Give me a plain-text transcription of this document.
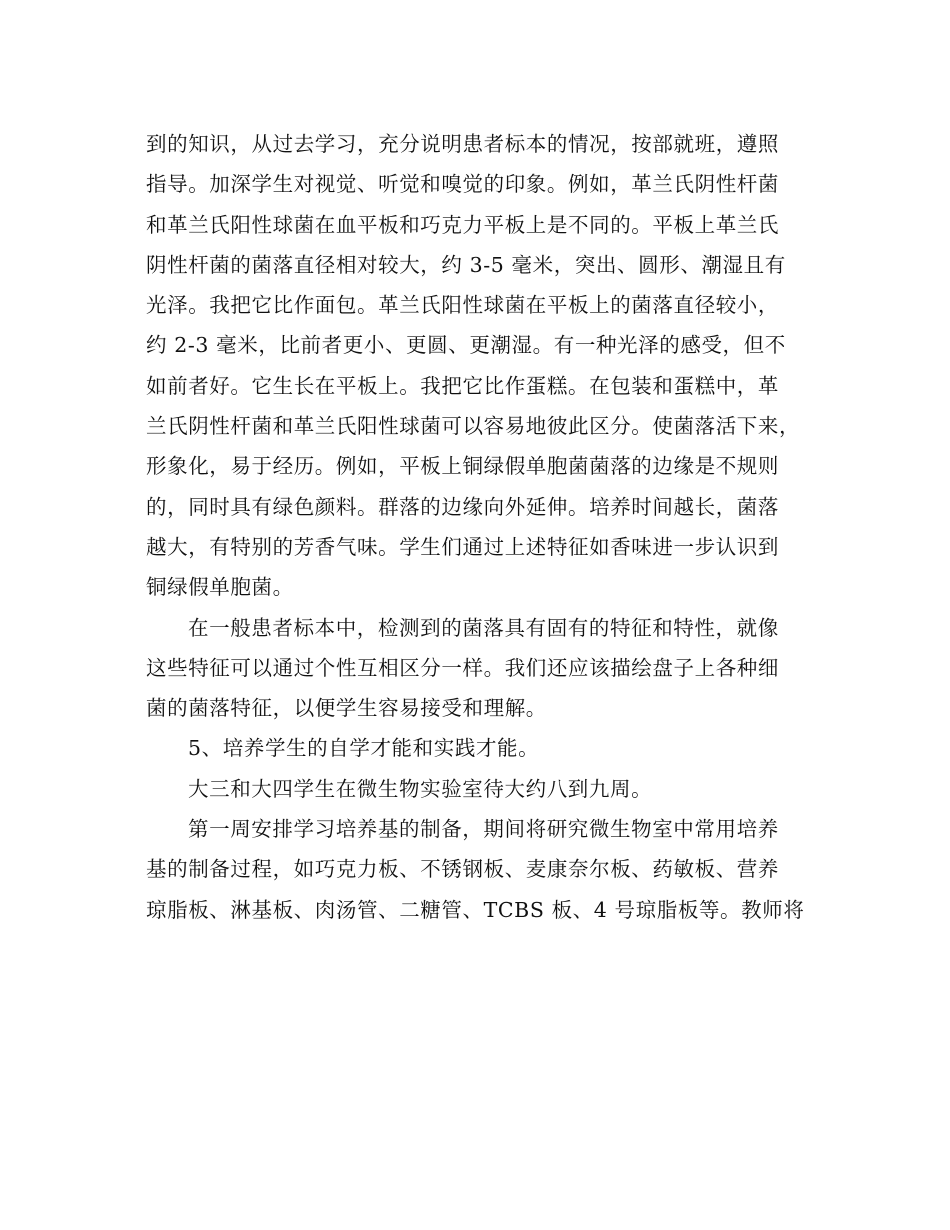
到的知识，从过去学习，充分说明患者标本的情况，按部就班，遵照
指导。加深学生对视觉、听觉和嗅觉的印象。例如，革兰氏阴性杆菌
和革兰氏阳性球菌在血平板和巧克力平板上是不同的。平板上革兰氏
阴性杆菌的菌落直径相对较大，约 3-5 毫米，突出、圆形、潮湿且有
光泽。我把它比作面包。革兰氏阳性球菌在平板上的菌落直径较小，
约 2-3 毫米，比前者更小、更圆、更潮湿。有一种光泽的感受，但不
如前者好。它生长在平板上。我把它比作蛋糕。在包装和蛋糕中，革
兰氏阴性杆菌和革兰氏阳性球菌可以容易地彼此区分。使菌落活下来，
形象化，易于经历。例如，平板上铜绿假单胞菌菌落的边缘是不规则
的，同时具有绿色颜料。群落的边缘向外延伸。培养时间越长，菌落
越大，有特别的芳香气味。学生们通过上述特征如香味进一步认识到
铜绿假单胞菌。
在一般患者标本中，检测到的菌落具有固有的特征和特性，就像
这些特征可以通过个性互相区分一样。我们还应该描绘盘子上各种细
菌的菌落特征，以便学生容易接受和理解。
5、培养学生的自学才能和实践才能。
大三和大四学生在微生物实验室待大约八到九周。
第一周安排学习培养基的制备，期间将研究微生物室中常用培养
基的制备过程，如巧克力板、不锈钢板、麦康奈尔板、药敏板、营养
琼脂板、淋基板、肉汤管、二糖管、TCBS 板、4 号琼脂板等。教师将
